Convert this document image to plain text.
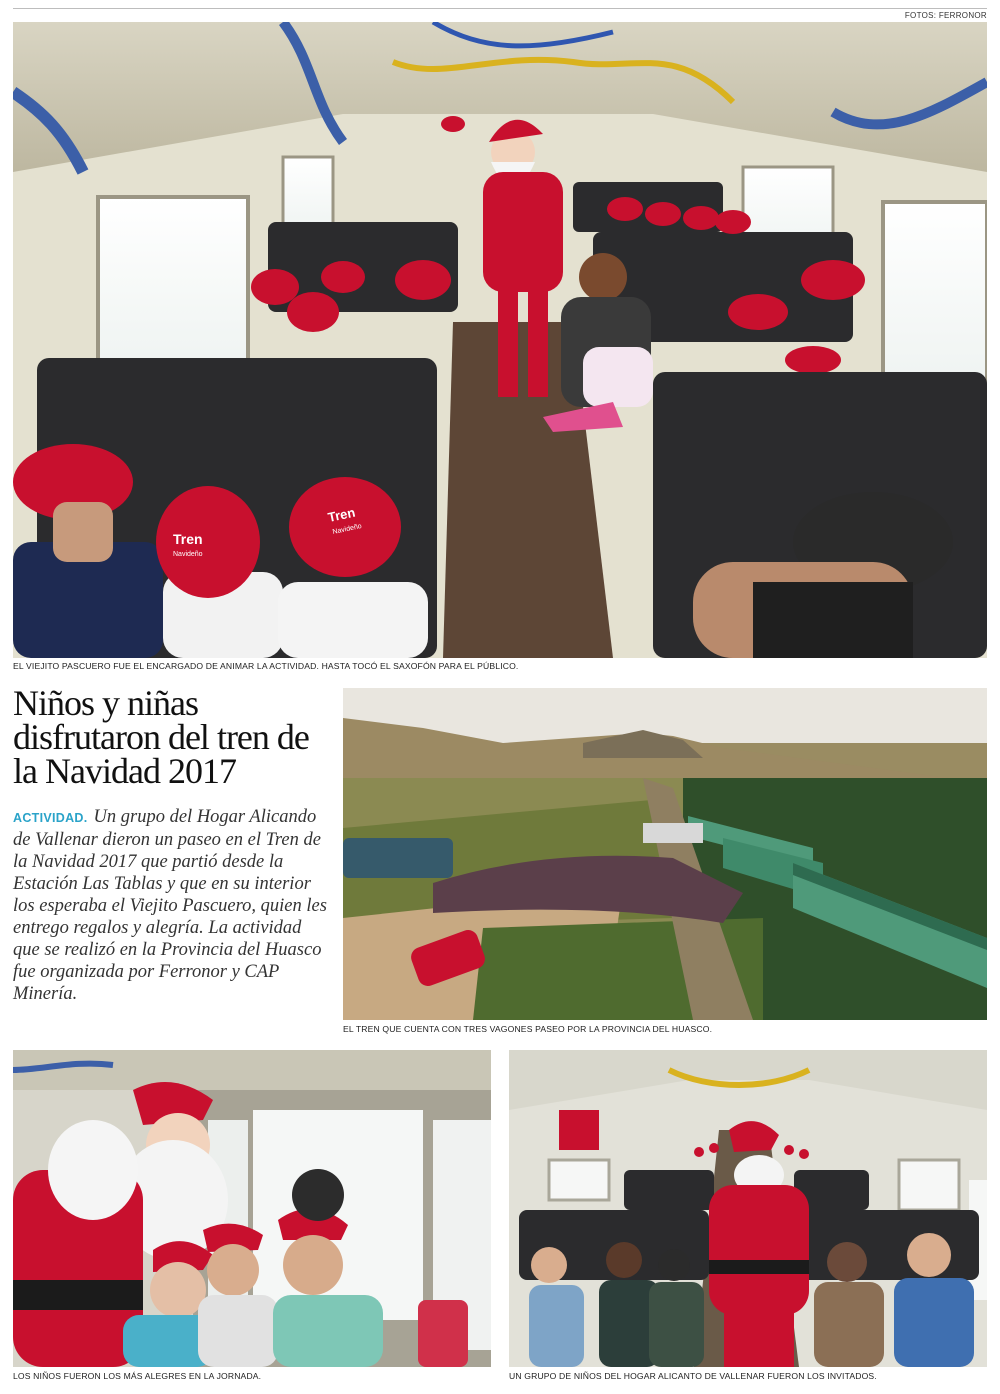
FOTOS: FERRONOR
Tren
Navideño
Tren
Navideño
EL VIEJITO PASCUERO FUE EL ENCARGADO DE ANIMAR LA ACTIVIDAD. HASTA TOCÓ EL SAXOFÓN PARA EL PÚBLICO.
Niños y niñas disfrutaron del tren de la Navidad 2017
ACTIVIDAD. Un grupo del Hogar Alicando de Vallenar dieron un paseo en el Tren de la Navidad 2017 que partió desde la Estación Las Tablas y que en su interior los esperaba el Viejito Pascuero, quien les entrego regalos y alegría. La actividad que se realizó en la Provincia del Huasco fue organizada por Ferronor y CAP Minería.
EL TREN QUE CUENTA CON TRES VAGONES PASEO POR LA PROVINCIA DEL HUASCO.
LOS NIÑOS FUERON LOS MÁS ALEGRES EN LA JORNADA.	UN GRUPO DE NIÑOS DEL HOGAR ALICANTO DE VALLENAR FUERON LOS INVITADOS.
